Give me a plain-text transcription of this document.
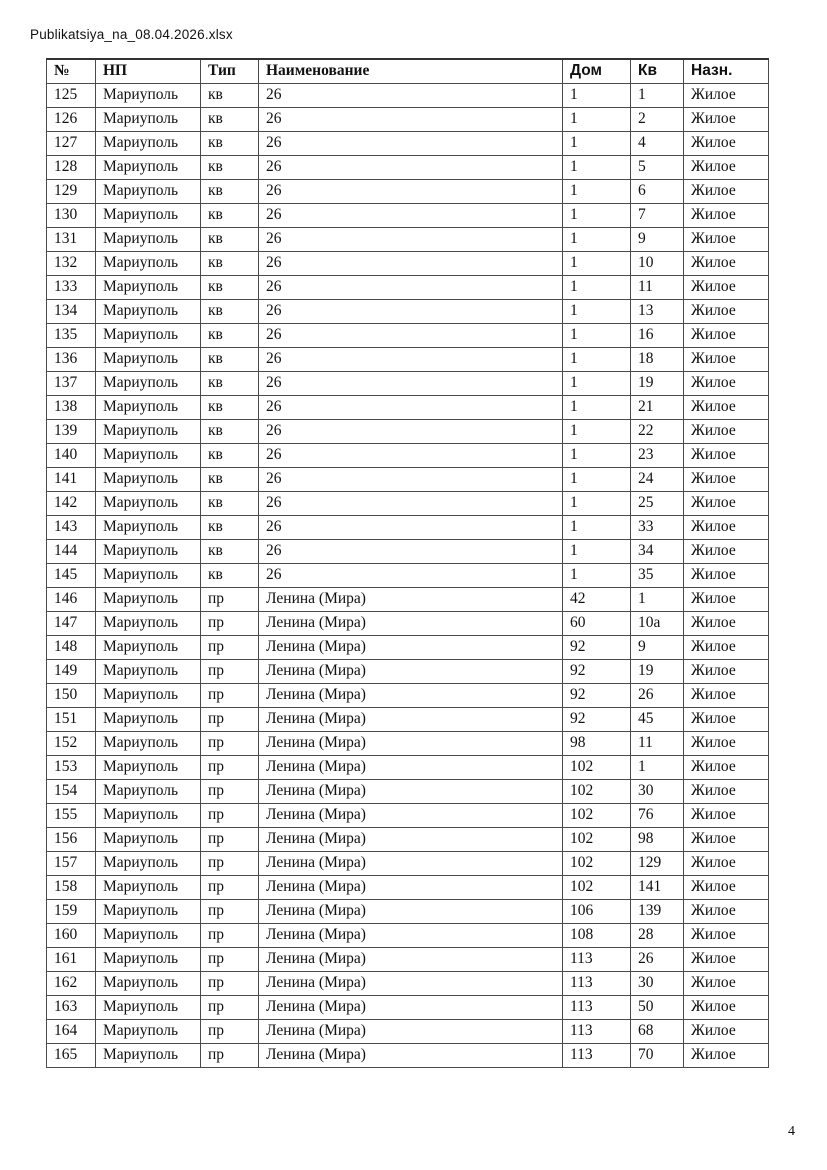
Publikatsiya_na_08.04.2026.xlsx
№	НП	Тип	Наименование	Дом	Кв	Назн.
125	Мариуполь	кв	26	1	1	Жилое
126	Мариуполь	кв	26	1	2	Жилое
127	Мариуполь	кв	26	1	4	Жилое
128	Мариуполь	кв	26	1	5	Жилое
129	Мариуполь	кв	26	1	6	Жилое
130	Мариуполь	кв	26	1	7	Жилое
131	Мариуполь	кв	26	1	9	Жилое
132	Мариуполь	кв	26	1	10	Жилое
133	Мариуполь	кв	26	1	11	Жилое
134	Мариуполь	кв	26	1	13	Жилое
135	Мариуполь	кв	26	1	16	Жилое
136	Мариуполь	кв	26	1	18	Жилое
137	Мариуполь	кв	26	1	19	Жилое
138	Мариуполь	кв	26	1	21	Жилое
139	Мариуполь	кв	26	1	22	Жилое
140	Мариуполь	кв	26	1	23	Жилое
141	Мариуполь	кв	26	1	24	Жилое
142	Мариуполь	кв	26	1	25	Жилое
143	Мариуполь	кв	26	1	33	Жилое
144	Мариуполь	кв	26	1	34	Жилое
145	Мариуполь	кв	26	1	35	Жилое
146	Мариуполь	пр	Ленина (Мира)	42	1	Жилое
147	Мариуполь	пр	Ленина (Мира)	60	10а	Жилое
148	Мариуполь	пр	Ленина (Мира)	92	9	Жилое
149	Мариуполь	пр	Ленина (Мира)	92	19	Жилое
150	Мариуполь	пр	Ленина (Мира)	92	26	Жилое
151	Мариуполь	пр	Ленина (Мира)	92	45	Жилое
152	Мариуполь	пр	Ленина (Мира)	98	11	Жилое
153	Мариуполь	пр	Ленина (Мира)	102	1	Жилое
154	Мариуполь	пр	Ленина (Мира)	102	30	Жилое
155	Мариуполь	пр	Ленина (Мира)	102	76	Жилое
156	Мариуполь	пр	Ленина (Мира)	102	98	Жилое
157	Мариуполь	пр	Ленина (Мира)	102	129	Жилое
158	Мариуполь	пр	Ленина (Мира)	102	141	Жилое
159	Мариуполь	пр	Ленина (Мира)	106	139	Жилое
160	Мариуполь	пр	Ленина (Мира)	108	28	Жилое
161	Мариуполь	пр	Ленина (Мира)	113	26	Жилое
162	Мариуполь	пр	Ленина (Мира)	113	30	Жилое
163	Мариуполь	пр	Ленина (Мира)	113	50	Жилое
164	Мариуполь	пр	Ленина (Мира)	113	68	Жилое
165	Мариуполь	пр	Ленина (Мира)	113	70	Жилое
4
